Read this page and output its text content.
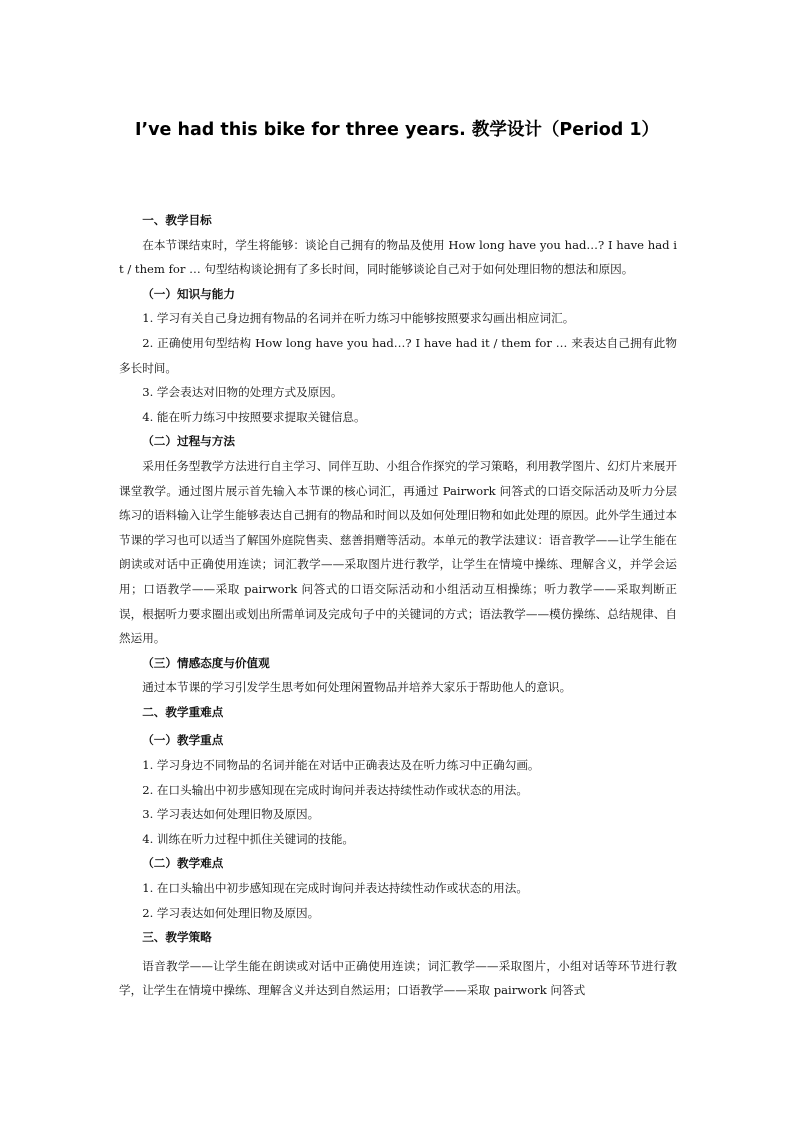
I’ve had this bike for three years. 教学设计（Period 1）

一、教学目标

在本节课结束时，学生将能够：谈论自己拥有的物品及使用 How long have you had…? I have had it / them for … 句型结构谈论拥有了多长时间，同时能够谈论自己对于如何处理旧物的想法和原因。

（一）知识与能力

1. 学习有关自己身边拥有物品的名词并在听力练习中能够按照要求勾画出相应词汇。

2. 正确使用句型结构 How long have you had…? I have had it / them for … 来表达自己拥有此物多长时间。

3. 学会表达对旧物的处理方式及原因。

4. 能在听力练习中按照要求提取关键信息。

（二）过程与方法

采用任务型教学方法进行自主学习、同伴互助、小组合作探究的学习策略，利用教学图片、幻灯片来展开课堂教学。通过图片展示首先输入本节课的核心词汇，再通过 Pairwork 问答式的口语交际活动及听力分层练习的语料输入让学生能够表达自己拥有的物品和时间以及如何处理旧物和如此处理的原因。此外学生通过本节课的学习也可以适当了解国外庭院售卖、慈善捐赠等活动。本单元的教学法建议：语音教学——让学生能在朗读或对话中正确使用连读；词汇教学——采取图片进行教学，让学生在情境中操练、理解含义，并学会运用；口语教学——采取 pairwork 问答式的口语交际活动和小组活动互相操练；听力教学——采取判断正误，根据听力要求圈出或划出所需单词及完成句子中的关键词的方式；语法教学——模仿操练、总结规律、自然运用。

（三）情感态度与价值观

通过本节课的学习引发学生思考如何处理闲置物品并培养大家乐于帮助他人的意识。

二、教学重难点

（一）教学重点

1. 学习身边不同物品的名词并能在对话中正确表达及在听力练习中正确勾画。

2. 在口头输出中初步感知现在完成时询问并表达持续性动作或状态的用法。

3. 学习表达如何处理旧物及原因。

4. 训练在听力过程中抓住关键词的技能。

（二）教学难点

1. 在口头输出中初步感知现在完成时询问并表达持续性动作或状态的用法。

2. 学习表达如何处理旧物及原因。

三、教学策略

语音教学——让学生能在朗读或对话中正确使用连读；词汇教学——采取图片，小组对话等环节进行教学，让学生在情境中操练、理解含义并达到自然运用；口语教学——采取 pairwork 问答式
